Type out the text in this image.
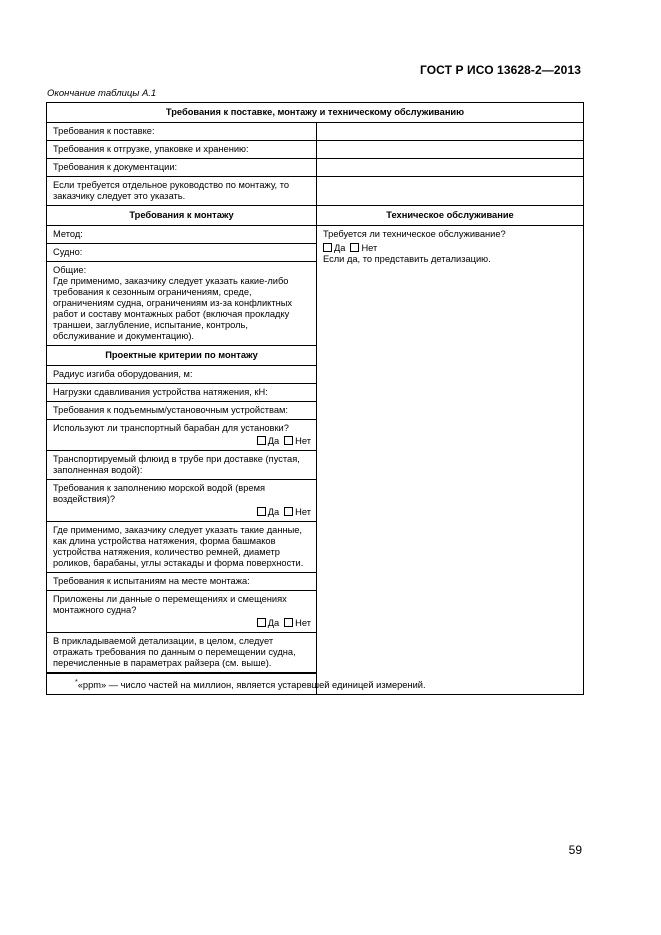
ГОСТ Р ИСО 13628-2—2013
Окончание таблицы А.1
Требования к поставке, монтажу и техническому обслуживанию	
Требования к поставке:	
Требования к отгрузке, упаковке и хранению:	
Требования к документации:	
Если требуется отдельное руководство по монтажу, то заказчику следует это указать.	
Требования к монтажу	Техническое обслуживание
Метод:	Требуется ли техническое обслуживание?
Да Нет
Если да, то представить детализацию.

Судно:	
Общие:
Где применимо, заказчику следует указать какие-либо требования к сезонным ограничениям, среде, ограничениям судна, ограничениям из-за конфликтных работ и составу монтажных работ (включая прокладку траншеи, заглубление, испытание, контроль, обслуживание и документацию).	
Проектные критерии по монтажу	
Радиус изгиба оборудования, м:	
Нагрузки сдавливания устройства натяжения, кН:	
Требования к подъемным/установочным устройствам:	

Используют ли транспортный барабан для установки?
Да Нет	

Транспортируемый флюид в трубе при доставке (пустая, заполненная водой):	

Требования к заполнению морской водой (время воздействия)?
Да Нет	

Где применимо, заказчику следует указать такие данные, как длина устройства натяжения, форма башмаков устройства натяжения, количество ремней, диаметр роликов, барабаны, углы эстакады и форма поверхности.	
Требования к испытаниям на месте монтажа:	

Приложены ли данные о перемещениях и смещениях монтажного судна?
Да Нет	

В прикладываемой детализации, в целом, следует отражать требования по данным о перемещении судна, перечисленные в параметрах райзера (см. выше).	

*«ppm» — число частей на миллион, является устаревшей единицей измерений.	
59
